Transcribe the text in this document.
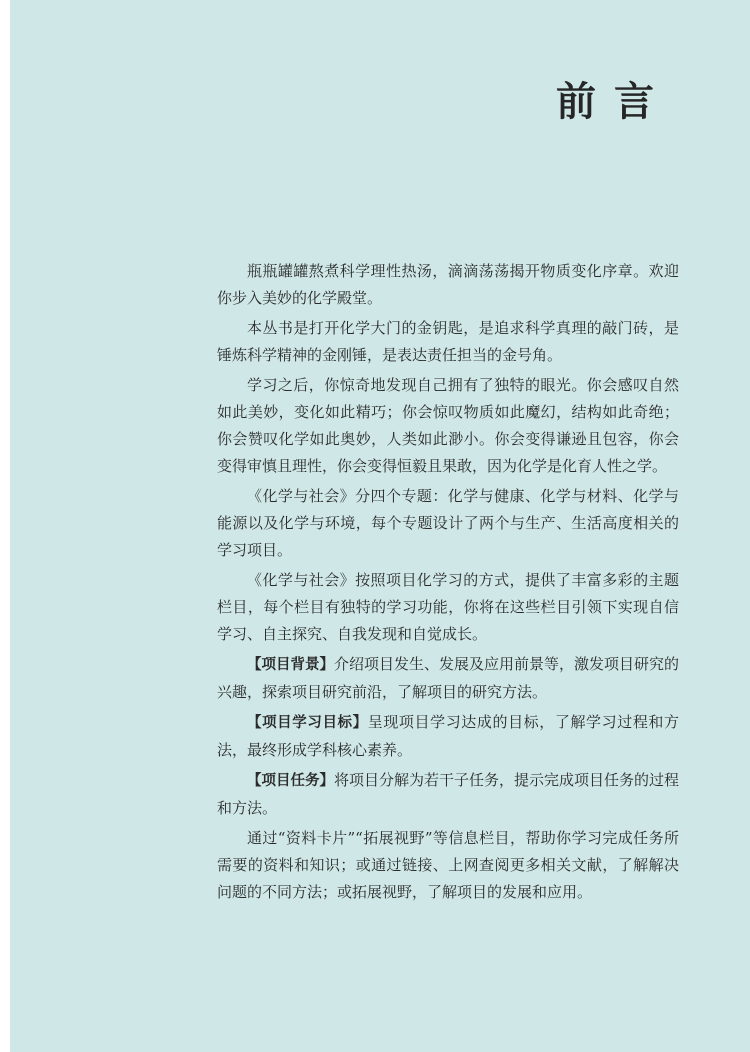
前言

瓶瓶罐罐熬煮科学理性热汤，滴滴荡荡揭开物质变化序章。欢迎你步入美妙的化学殿堂。

本丛书是打开化学大门的金钥匙，是追求科学真理的敲门砖，是锤炼科学精神的金刚锤，是表达责任担当的金号角。

学习之后，你惊奇地发现自己拥有了独特的眼光。你会感叹自然如此美妙，变化如此精巧；你会惊叹物质如此魔幻，结构如此奇绝；你会赞叹化学如此奥妙，人类如此渺小。你会变得谦逊且包容，你会变得审慎且理性，你会变得恒毅且果敢，因为化学是化育人性之学。

《化学与社会》分四个专题：化学与健康、化学与材料、化学与能源以及化学与环境，每个专题设计了两个与生产、生活高度相关的学习项目。

《化学与社会》按照项目化学习的方式，提供了丰富多彩的主题栏目，每个栏目有独特的学习功能，你将在这些栏目引领下实现自信学习、自主探究、自我发现和自觉成长。

【项目背景】介绍项目发生、发展及应用前景等，激发项目研究的兴趣，探索项目研究前沿，了解项目的研究方法。

【项目学习目标】呈现项目学习达成的目标，了解学习过程和方法，最终形成学科核心素养。

【项目任务】将项目分解为若干子任务，提示完成项目任务的过程和方法。

通过“资料卡片”“拓展视野”等信息栏目，帮助你学习完成任务所需要的资料和知识；或通过链接、上网查阅更多相关文献，了解解决问题的不同方法；或拓展视野，了解项目的发展和应用。
